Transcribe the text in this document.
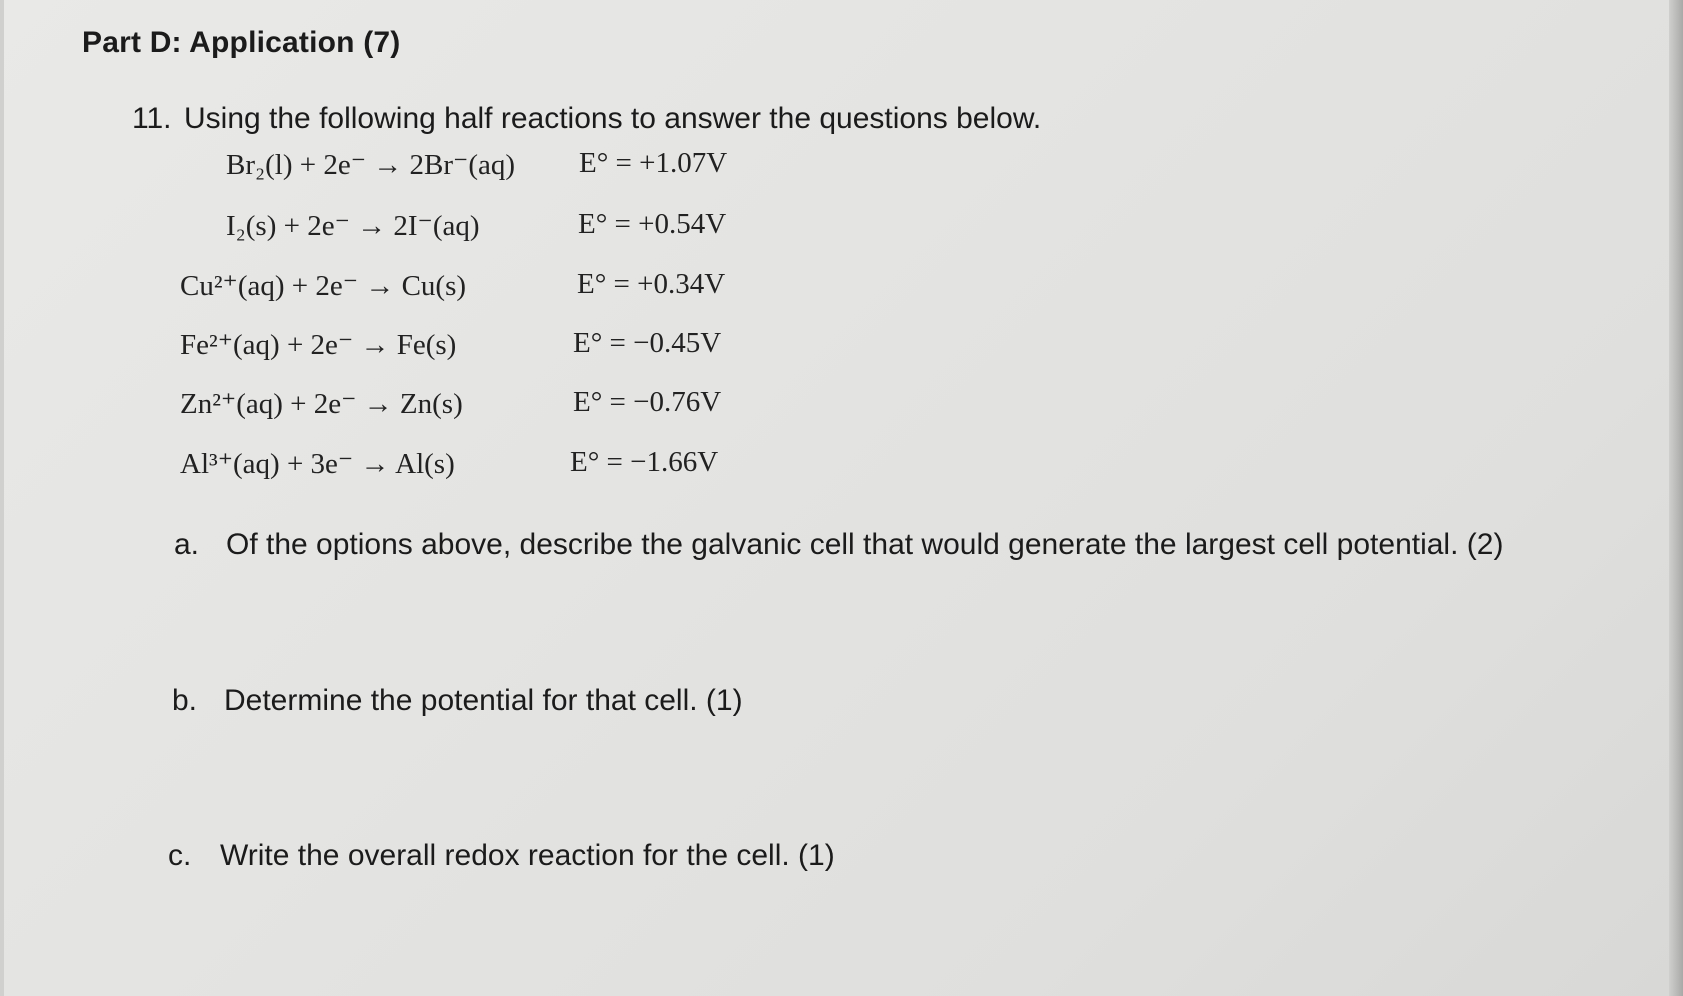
Part D: Application (7)
11. Using the following half reactions to answer the questions below.
Br₂(l) + 2e⁻ → 2Br⁻(aq) E° = +1.07V
I₂(s) + 2e⁻ → 2I⁻(aq)	E° = +0.54V
Cu²⁺(aq) + 2e⁻ → Cu(s)	E° = +0.34V
Fe²⁺(aq) + 2e⁻ → Fe(s)	E° = −0.45V
Zn²⁺(aq) + 2e⁻ → Zn(s)	E° = −0.76V
Al³⁺(aq) + 3e⁻ → Al(s)	E° = −1.66V
a. Of the options above, describe the galvanic cell that would generate the largest cell potential. (2)
b. Determine the potential for that cell. (1)
c. Write the overall redox reaction for the cell. (1)
